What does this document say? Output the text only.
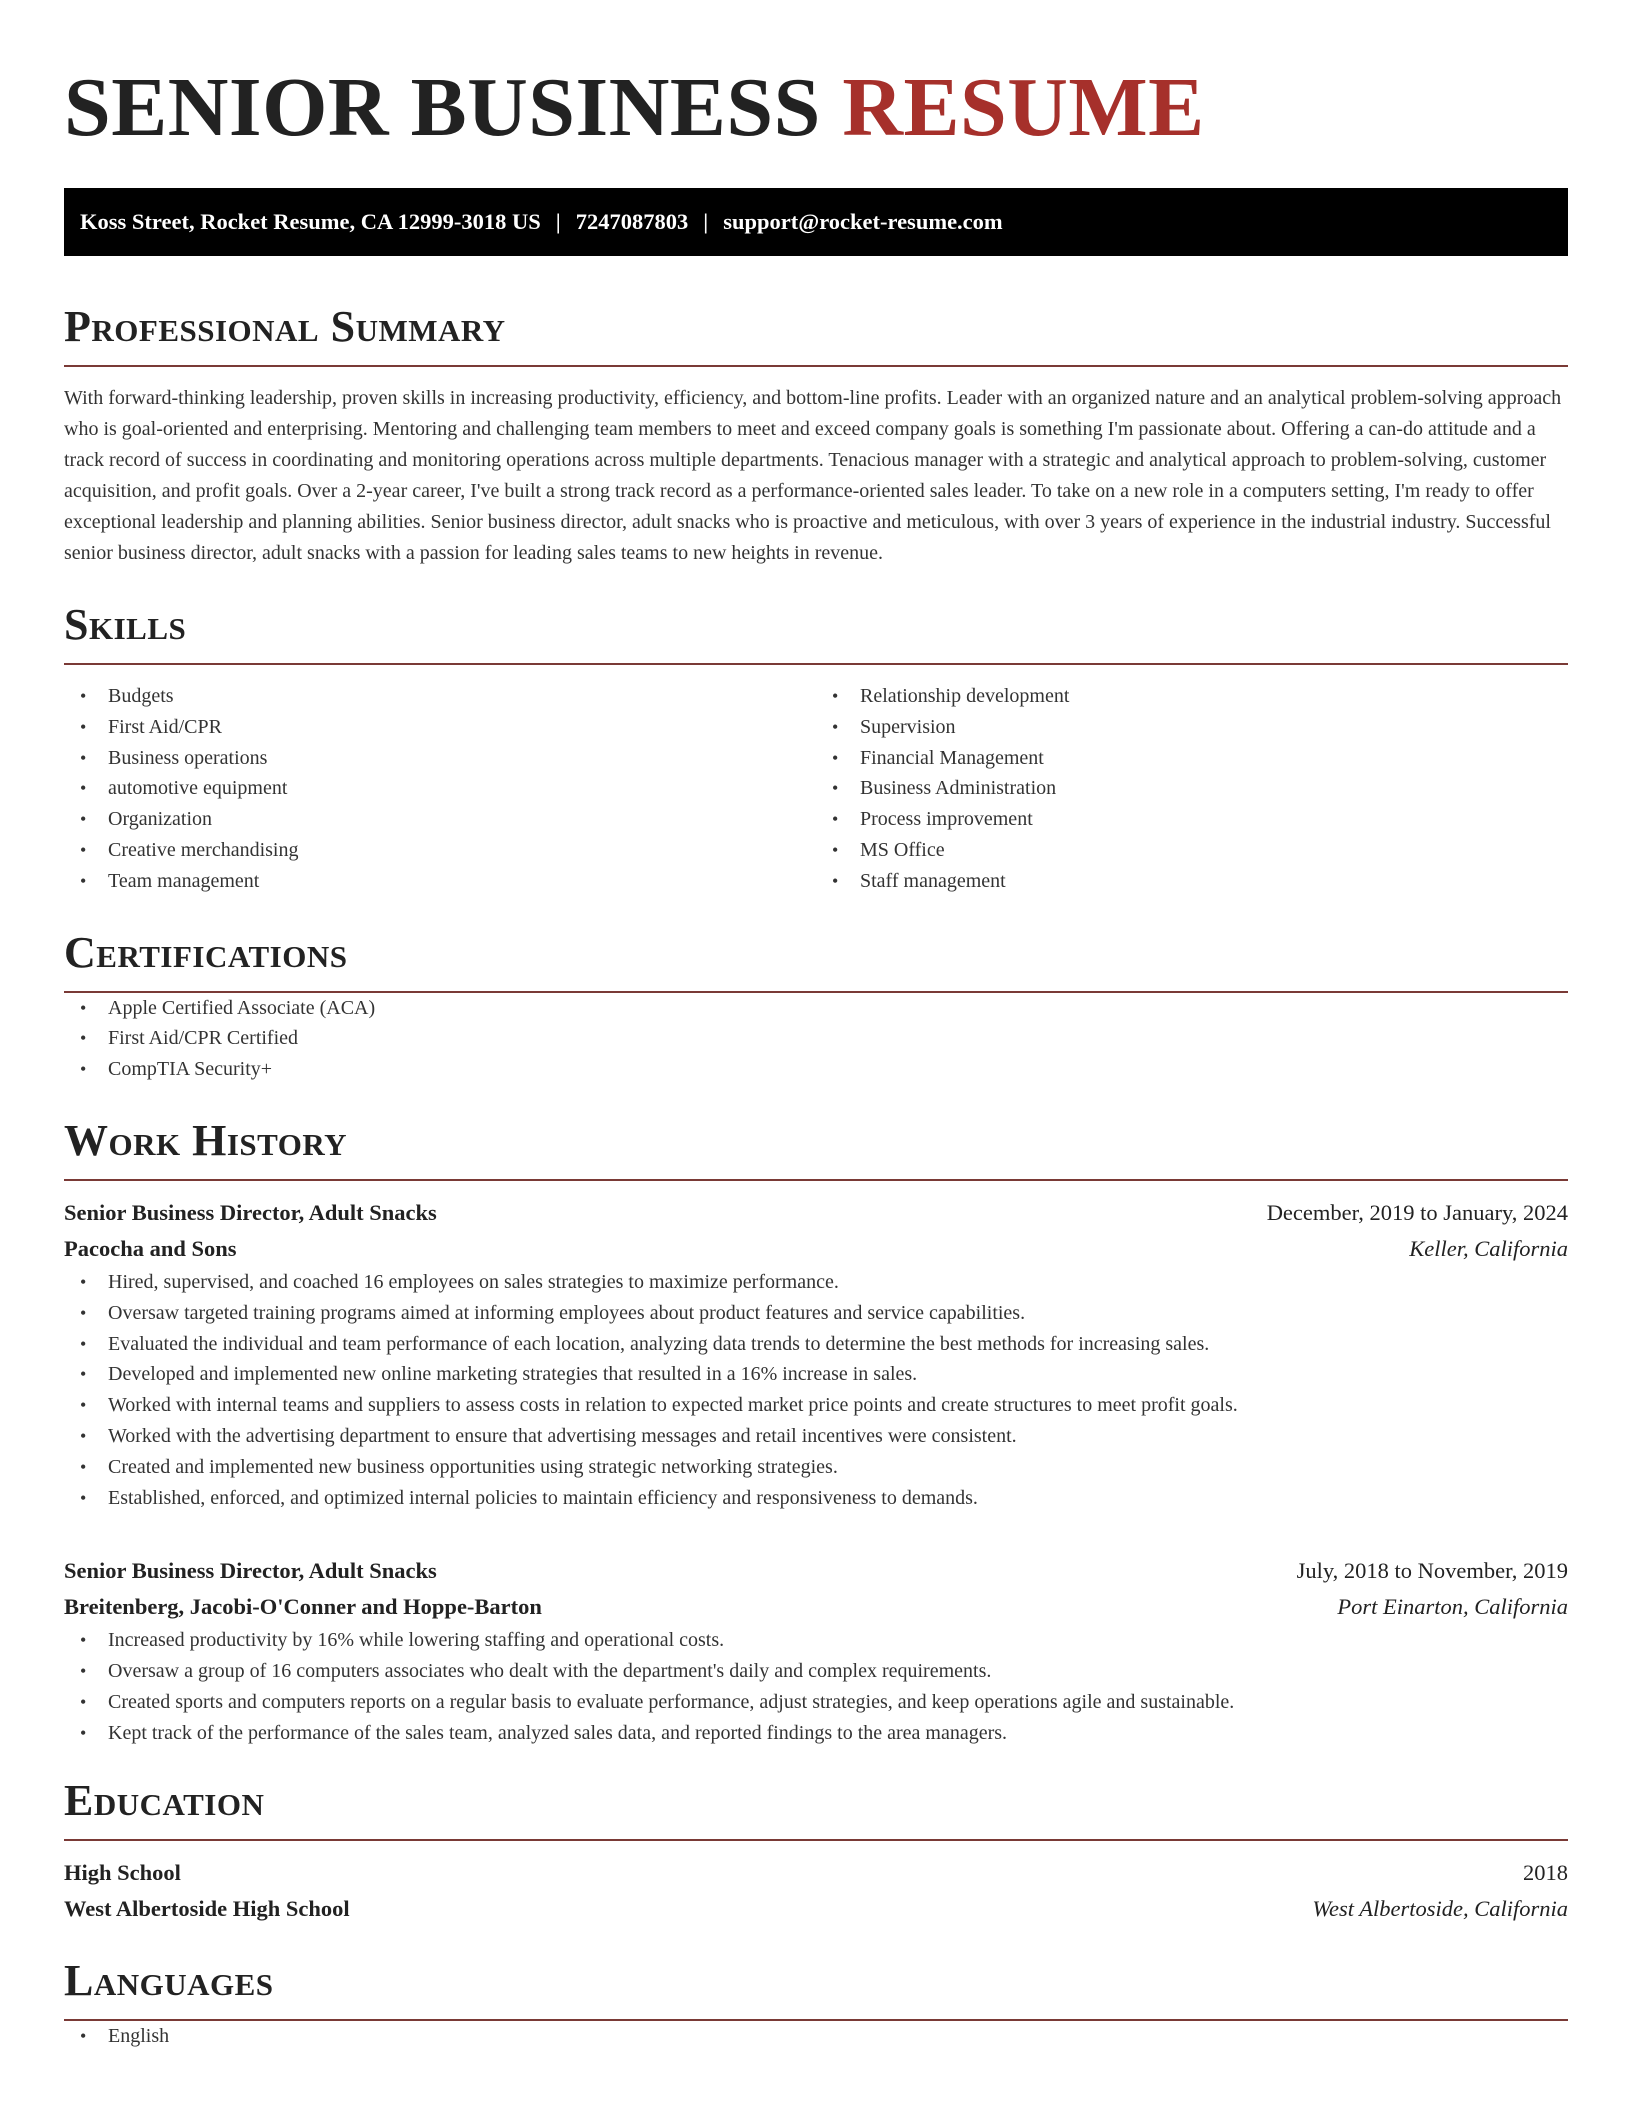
SENIOR BUSINESS RESUME
Koss Street, Rocket Resume, CA 12999-3018 US | 7247087803 | support@rocket-resume.com
Professional Summary

With forward-thinking leadership, proven skills in increasing productivity, efficiency, and bottom-line profits. Leader with an organized nature and an analytical problem-solving approach who is goal-oriented and enterprising. Mentoring and challenging team members to meet and exceed company goals is something I'm passionate about. Offering a can-do attitude and a track record of success in coordinating and monitoring operations across multiple departments. Tenacious manager with a strategic and analytical approach to problem-solving, customer acquisition, and profit goals. Over a 2-year career, I've built a strong track record as a performance-oriented sales leader. To take on a new role in a computers setting, I'm ready to offer exceptional leadership and planning abilities. Senior business director, adult snacks who is proactive and meticulous, with over 3 years of experience in the industrial industry. Successful senior business director, adult snacks with a passion for leading sales teams to new heights in revenue.

Skills
• Budgets
• First Aid/CPR
• Business operations
• automotive equipment
• Organization
• Creative merchandising
• Team management
• Relationship development
• Supervision
• Financial Management
• Business Administration
• Process improvement
• MS Office
• Staff management
Certifications
• Apple Certified Associate (ACA)
• First Aid/CPR Certified
• CompTIA Security+
Work History
Senior Business Director, Adult Snacks	December, 2019 to January, 2024
Pacocha and Sons	Keller, California
• Hired, supervised, and coached 16 employees on sales strategies to maximize performance.
• Oversaw targeted training programs aimed at informing employees about product features and service capabilities.
• Evaluated the individual and team performance of each location, analyzing data trends to determine the best methods for increasing sales.
• Developed and implemented new online marketing strategies that resulted in a 16% increase in sales.
• Worked with internal teams and suppliers to assess costs in relation to expected market price points and create structures to meet profit goals.
• Worked with the advertising department to ensure that advertising messages and retail incentives were consistent.
• Created and implemented new business opportunities using strategic networking strategies.
• Established, enforced, and optimized internal policies to maintain efficiency and responsiveness to demands.
Senior Business Director, Adult Snacks	July, 2018 to November, 2019
Breitenberg, Jacobi-O'Conner and Hoppe-Barton	Port Einarton, California
• Increased productivity by 16% while lowering staffing and operational costs.
• Oversaw a group of 16 computers associates who dealt with the department's daily and complex requirements.
• Created sports and computers reports on a regular basis to evaluate performance, adjust strategies, and keep operations agile and sustainable.
• Kept track of the performance of the sales team, analyzed sales data, and reported findings to the area managers.
Education
High School	2018
West Albertoside High School	West Albertoside, California
Languages
• English
